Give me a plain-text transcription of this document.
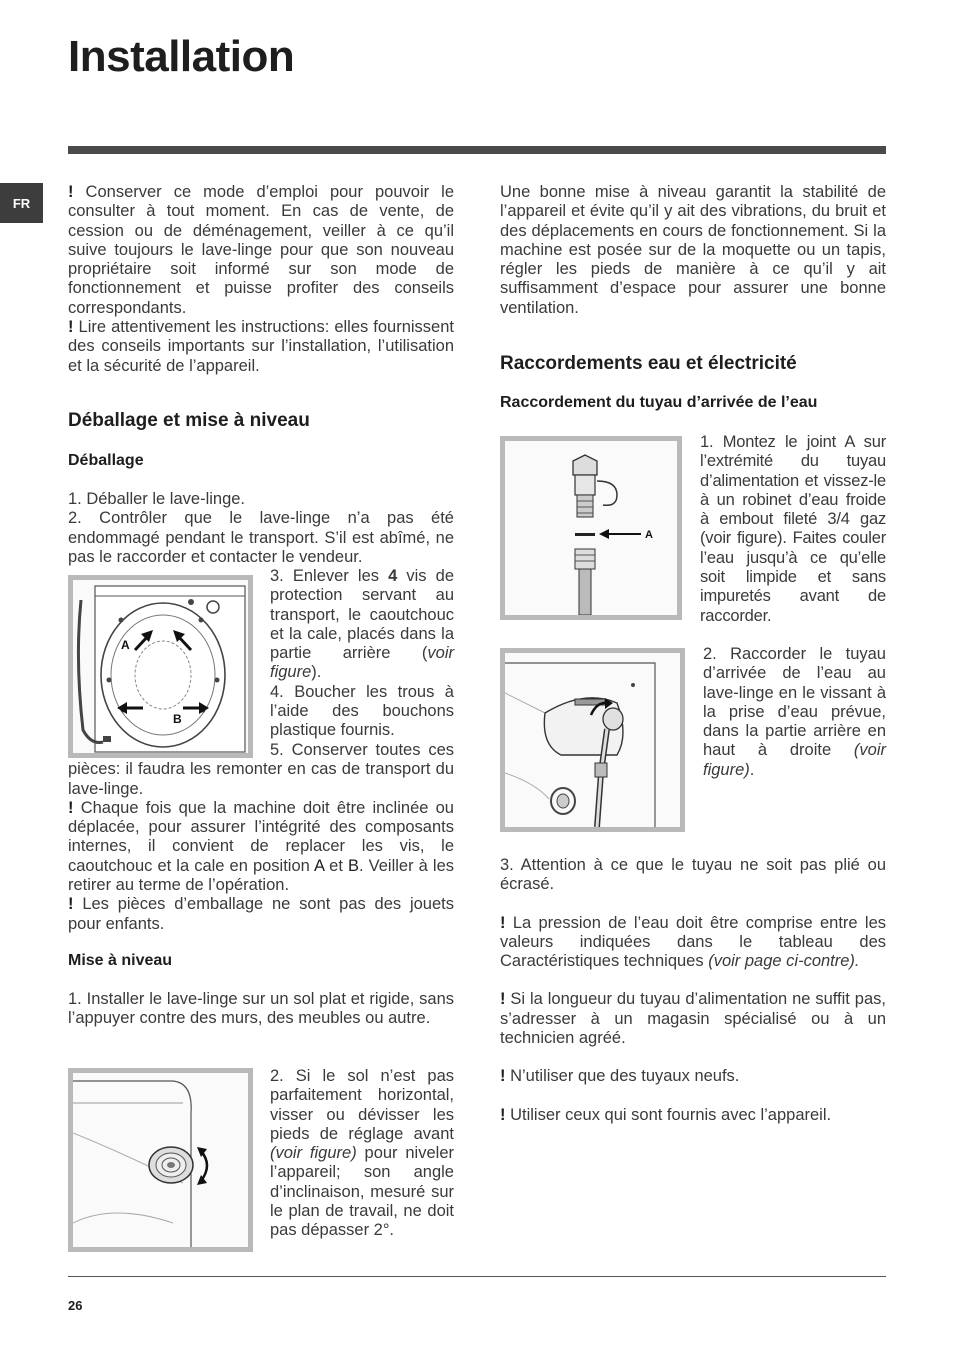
Installation
FR

! Conserver ce mode d’emploi pour pouvoir le consulter à tout moment. En cas de vente, de cession ou de déménagement, veiller à ce qu’il suive toujours le lave-linge pour que son nouveau propriétaire soit informé sur son mode de fonctionnement et puisse profiter des conseils correspondants.

! Lire attentivement les instructions: elles fournissent des conseils importants sur l’installation, l’utilisation et la sécurité de l’appareil.

Déballage et mise à niveau
Déballage

1. Déballer le lave-linge.

2. Contrôler que le lave-linge n’a pas été endommagé pendant le transport. S’il est abîmé, ne pas le raccorder et contacter le vendeur.

A
B

3. Enlever les 4 vis de protection servant au transport, le caoutchouc et la cale, placés dans la partie arrière (voir figure).

4. Boucher les trous à l’aide des bouchons plastique fournis.

5. Conserver toutes ces pièces: il faudra les remonter en cas de transport du lave-linge.

! Chaque fois que la machine doit être inclinée ou déplacée, pour assurer l’intégrité des composants internes, il convient de replacer les vis, le caoutchouc et la cale en position A et B. Veiller à les retirer au terme de l’opération.

! Les pièces d’emballage ne sont pas des jouets pour enfants.

Mise à niveau

1. Installer le lave-linge sur un sol plat et rigide, sans l’appuyer contre des murs, des meubles ou autre.

2. Si le sol n’est pas parfaitement horizontal, visser ou dévisser les pieds de réglage avant (voir figure) pour niveler l’appareil; son angle d’inclinaison, mesuré sur le plan de travail, ne doit pas dépasser 2°.

Une bonne mise à niveau garantit la stabilité de l’appareil et évite qu’il y ait des vibrations, du bruit et des déplacements en cours de fonctionnement. Si la machine est posée sur de la moquette ou un tapis, régler les pieds de manière à ce qu’il y ait suffisamment d’espace pour assurer une bonne ventilation.

Raccordements eau et électricité
Raccordement du tuyau d’arrivée de l’eau
A

1. Montez le joint A sur l’extrémité du tuyau d’alimentation et vissez-le à un robinet d’eau froide à embout fileté 3/4 gaz (voir figure). Faites couler l’eau jusqu’à ce qu’elle soit limpide et sans impuretés avant de raccorder.

2. Raccorder le tuyau d’arrivée de l’eau au lave-linge en le vissant à la prise d’eau prévue, dans la partie arrière en haut à droite (voir figure).

3. Attention à ce que le tuyau ne soit pas plié ou écrasé.

! La pression de l’eau doit être comprise entre les valeurs indiquées dans le tableau des Caractéristiques techniques (voir page ci-contre).

! Si la longueur du tuyau d’alimentation ne suffit pas, s’adresser à un magasin spécialisé ou à un technicien agréé.

! N’utiliser que des tuyaux neufs.

! Utiliser ceux qui sont fournis avec l’appareil.

26
